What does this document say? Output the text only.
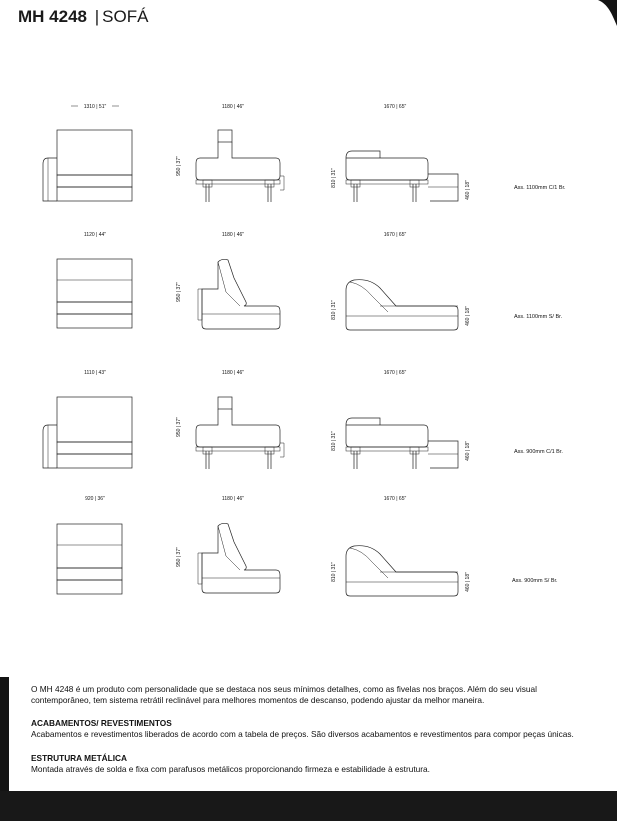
MH 4248 | SOFÁ
1310 | 51"	1180 | 46"	1670 | 65"
950 | 37"
810 | 31"
460 | 18"	Ass. 1100mm C/1 Br.
1120 | 44"	1180 | 46"	1670 | 65"
950 | 37"
810 | 31"	460 | 18"	Ass. 1100mm S/ Br.
1110 | 43"	1180 | 46"	1670 | 65"
950 | 37"
810 | 31"
460 | 18"	Ass. 900mm C/1 Br.
920 | 36"	1180 | 46"	1670 | 65"
950 | 37"
810 | 31"
460 | 18"	Ass. 900mm S/ Br.

O MH 4248 é um produto com personalidade que se destaca nos seus mínimos detalhes, como as fivelas nos braços. Além do seu visual contemporâneo, tem sistema retrátil reclinável para melhores momentos de descanso, podendo ajustar da melhor maneira.

ACABAMENTOS/ REVESTIMENTOS

Acabamentos e revestimentos liberados de acordo com a tabela de preços. São diversos acabamentos e revestimentos para compor peças únicas.

ESTRUTURA METÁLICA

Montada através de solda e fixa com parafusos metálicos proporcionando firmeza e estabilidade à estrutura.
